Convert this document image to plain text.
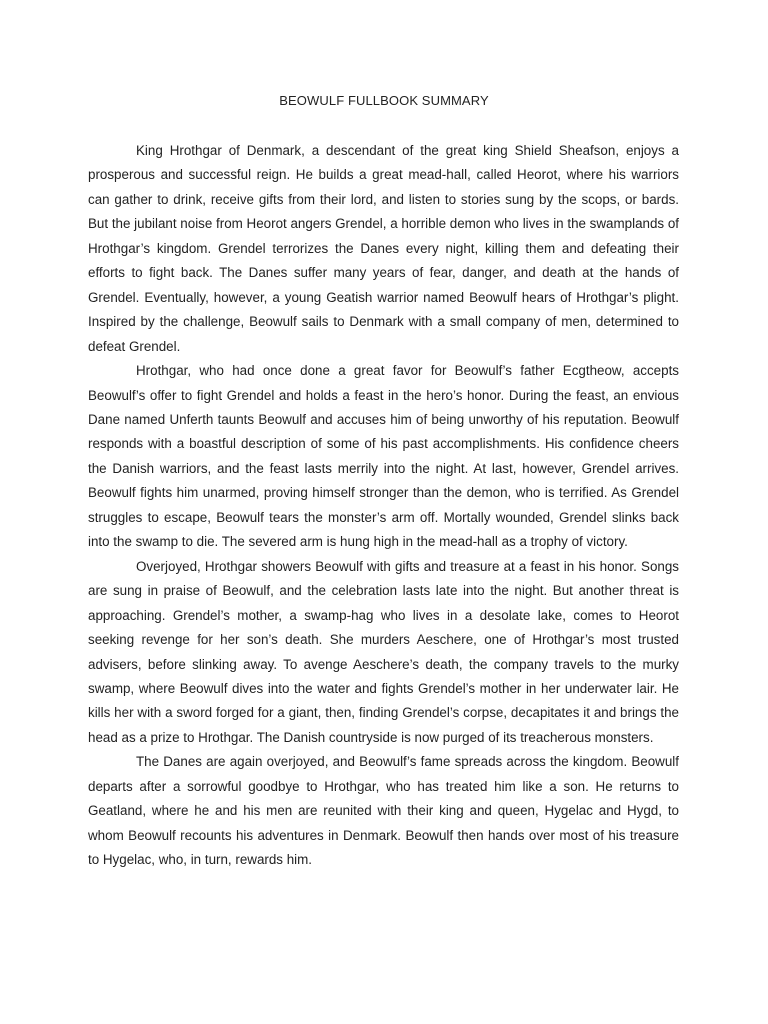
BEOWULF FULLBOOK SUMMARY

King Hrothgar of Denmark, a descendant of the great king Shield Sheafson, enjoys a prosperous and successful reign. He builds a great mead-hall, called Heorot, where his warriors can gather to drink, receive gifts from their lord, and listen to stories sung by the scops, or bards. But the jubilant noise from Heorot angers Grendel, a horrible demon who lives in the swamplands of Hrothgar’s kingdom. Grendel terrorizes the Danes every night, killing them and defeating their efforts to fight back. The Danes suffer many years of fear, danger, and death at the hands of Grendel. Eventually, however, a young Geatish warrior named Beowulf hears of Hrothgar’s plight. Inspired by the challenge, Beowulf sails to Denmark with a small company of men, determined to defeat Grendel.

Hrothgar, who had once done a great favor for Beowulf’s father Ecgtheow, accepts Beowulf’s offer to fight Grendel and holds a feast in the hero’s honor. During the feast, an envious Dane named Unferth taunts Beowulf and accuses him of being unworthy of his reputation. Beowulf responds with a boastful description of some of his past accomplishments. His confidence cheers the Danish warriors, and the feast lasts merrily into the night. At last, however, Grendel arrives. Beowulf fights him unarmed, proving himself stronger than the demon, who is terrified. As Grendel struggles to escape, Beowulf tears the monster’s arm off. Mortally wounded, Grendel slinks back into the swamp to die. The severed arm is hung high in the mead-hall as a trophy of victory.

Overjoyed, Hrothgar showers Beowulf with gifts and treasure at a feast in his honor. Songs are sung in praise of Beowulf, and the celebration lasts late into the night. But another threat is approaching. Grendel’s mother, a swamp-hag who lives in a desolate lake, comes to Heorot seeking revenge for her son’s death. She murders Aeschere, one of Hrothgar’s most trusted advisers, before slinking away. To avenge Aeschere’s death, the company travels to the murky swamp, where Beowulf dives into the water and fights Grendel’s mother in her underwater lair. He kills her with a sword forged for a giant, then, finding Grendel’s corpse, decapitates it and brings the head as a prize to Hrothgar. The Danish countryside is now purged of its treacherous monsters.

The Danes are again overjoyed, and Beowulf’s fame spreads across the kingdom. Beowulf departs after a sorrowful goodbye to Hrothgar, who has treated him like a son. He returns to Geatland, where he and his men are reunited with their king and queen, Hygelac and Hygd, to whom Beowulf recounts his adventures in Denmark. Beowulf then hands over most of his treasure to Hygelac, who, in turn, rewards him.
